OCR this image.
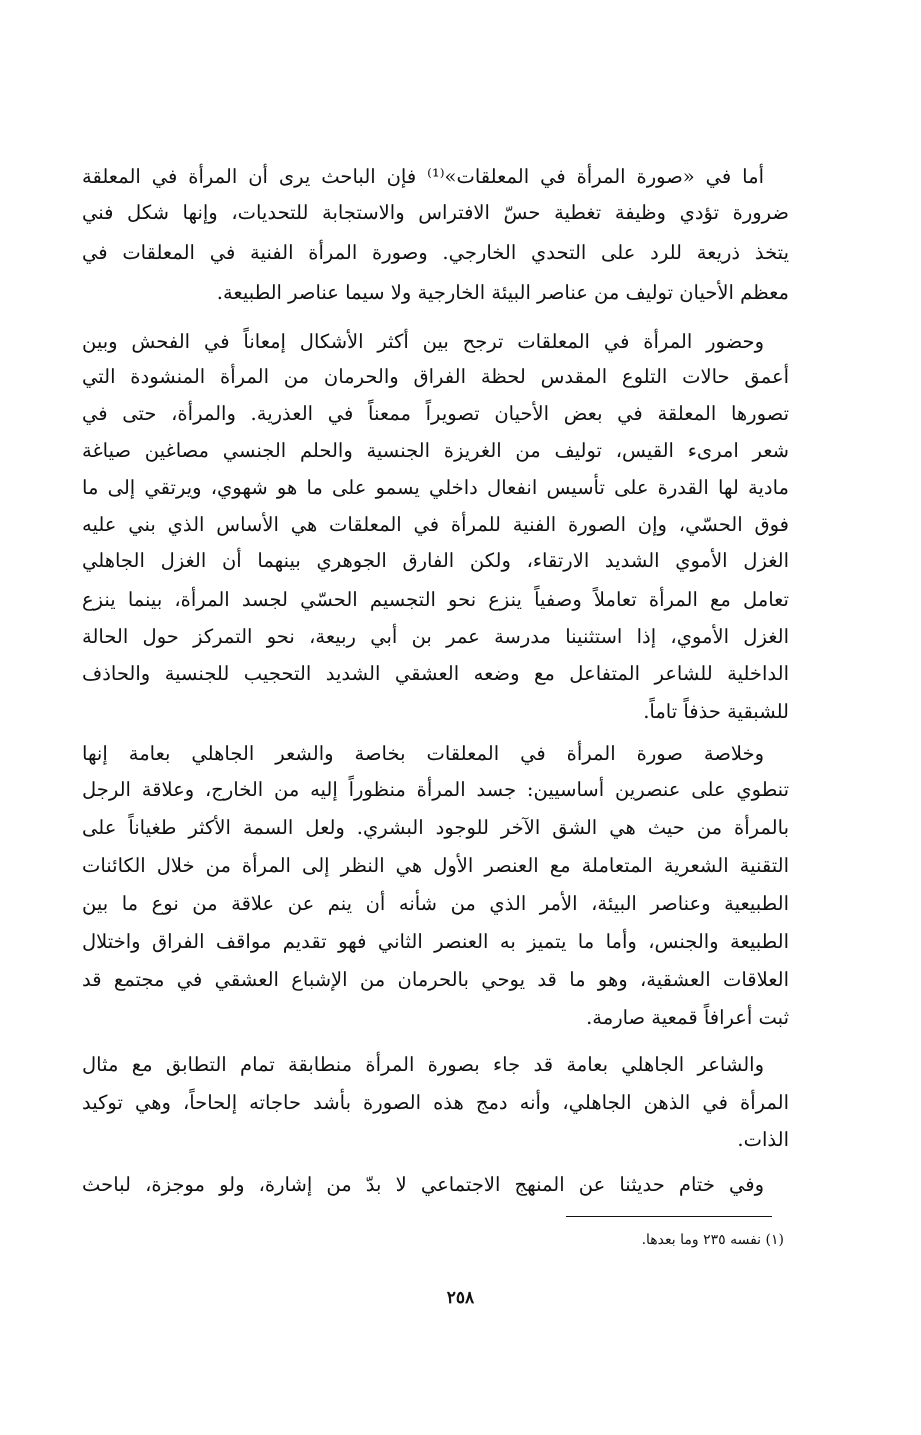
أما في «صورة المرأة في المعلقات»⁽¹⁾ فإن الباحث يرى أن المرأة في المعلقة
ضرورة تؤدي وظيفة تغطية حسّ الافتراس والاستجابة للتحديات، وإنها شكل فني
يتخذ ذريعة للرد على التحدي الخارجي. وصورة المرأة الفنية في المعلقات في
معظم الأحيان توليف من عناصر البيئة الخارجية ولا سيما عناصر الطبيعة.
وحضور المرأة في المعلقات ترجح بين أكثر الأشكال إمعاناً في الفحش وبين
أعمق حالات التلوع المقدس لحظة الفراق والحرمان من المرأة المنشودة التي
تصورها المعلقة في بعض الأحيان تصويراً ممعناً في العذرية. والمرأة، حتى في
شعر امرىء القيس، توليف من الغريزة الجنسية والحلم الجنسي مصاغين صياغة
مادية لها القدرة على تأسيس انفعال داخلي يسمو على ما هو شهوي، ويرتقي إلى ما
فوق الحسّي، وإن الصورة الفنية للمرأة في المعلقات هي الأساس الذي بني عليه
الغزل الأموي الشديد الارتقاء، ولكن الفارق الجوهري بينهما أن الغزل الجاهلي
تعامل مع المرأة تعاملاً وصفياً ينزع نحو التجسيم الحسّي لجسد المرأة، بينما ينزع
الغزل الأموي، إذا استثنينا مدرسة عمر بن أبي ربيعة، نحو التمركز حول الحالة
الداخلية للشاعر المتفاعل مع وضعه العشقي الشديد التحجيب للجنسية والحاذف
للشبقية حذفاً تاماً.
وخلاصة صورة المرأة في المعلقات بخاصة والشعر الجاهلي بعامة إنها
تنطوي على عنصرين أساسيين: جسد المرأة منظوراً إليه من الخارج، وعلاقة الرجل
بالمرأة من حيث هي الشق الآخر للوجود البشري. ولعل السمة الأكثر طغياناً على
التقنية الشعرية المتعاملة مع العنصر الأول هي النظر إلى المرأة من خلال الكائنات
الطبيعية وعناصر البيئة، الأمر الذي من شأنه أن ينم عن علاقة من نوع ما بين
الطبيعة والجنس، وأما ما يتميز به العنصر الثاني فهو تقديم مواقف الفراق واختلال
العلاقات العشقية، وهو ما قد يوحي بالحرمان من الإشباع العشقي في مجتمع قد
ثبت أعرافاً قمعية صارمة.
والشاعر الجاهلي بعامة قد جاء بصورة المرأة منطابقة تمام التطابق مع مثال
المرأة في الذهن الجاهلي، وأنه دمج هذه الصورة بأشد حاجاته إلحاحاً، وهي توكيد
الذات.
وفي ختام حديثنا عن المنهج الاجتماعي لا بدّ من إشارة، ولو موجزة، لباحث
(١) نفسه ٢٣٥ وما بعدها.
٢٥٨
